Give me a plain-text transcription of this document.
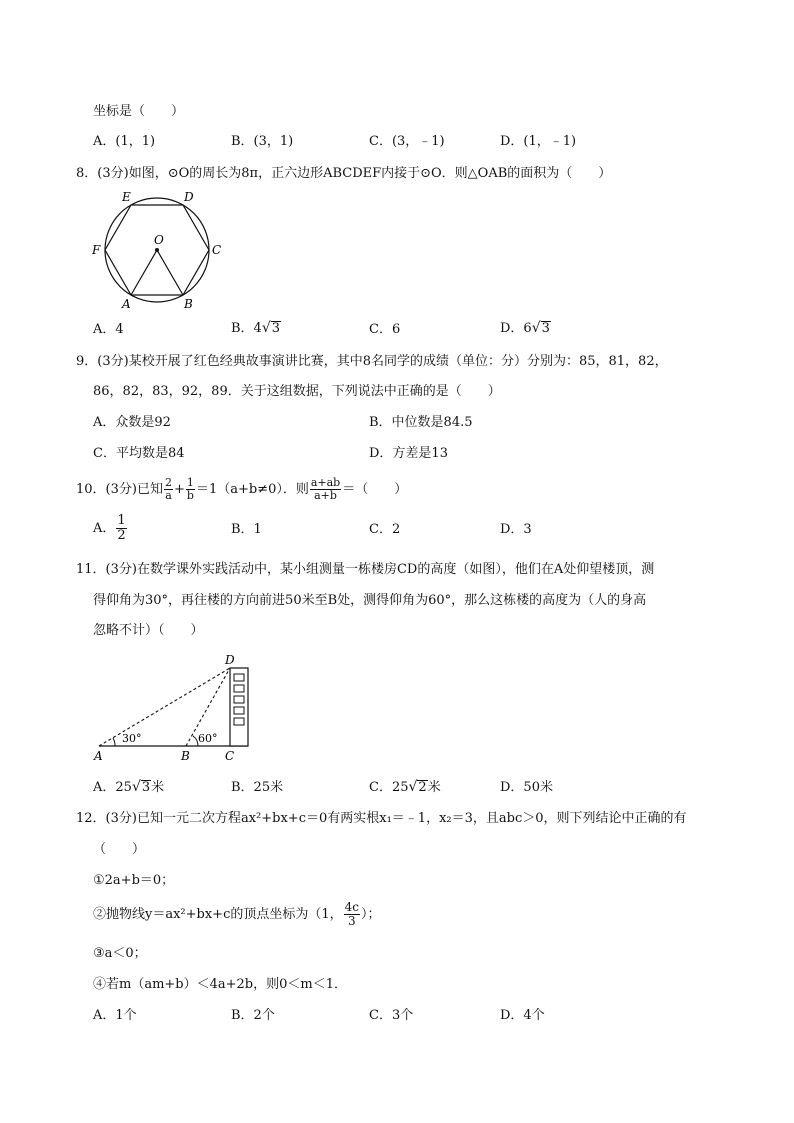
坐标是（　　）
A．(1，1)	B．(3，1)	C．(3，﹣1)	D．(1，﹣1)
8．(3分)如图，⊙O的周长为8π，正六边形ABCDEF内接于⊙O．则△OAB的面积为（　　）
E	D
F
O
C
A	B
A．4	B．4√3	C．6	D．6√3
9．(3分)某校开展了红色经典故事演讲比赛，其中8名同学的成绩（单位：分）分别为：85，81，82，
86，82，83，92，89．关于这组数据，下列说法中正确的是（　　）
A．众数是92	B．中位数是84.5
C．平均数是84	D．方差是13
10．(3分)已知 $\frac{2}{a} + \frac{1}{b} =1(a+b\ne 0)$．则 $\frac{a+ab}{a+b}$ ＝（　　）
A． $\frac{1}{2}$	B．1	C．2	D．3
11．(3分)在数学课外实践活动中，某小组测量一栋楼房CD的高度（如图），他们在A处仰望楼顶，测
得仰角为30°，再往楼的方向前进50米至B处，测得仰角为60°，那么这栋楼的高度为（人的身高
忽略不计）（　　）
D
A
30°
B
60°
C
A．25√3米	B．25米	C．25√2米	D．50米
12．(3分)已知一元二次方程ax²+bx+c＝0有两实根x₁＝﹣1，x₂＝3，且abc＞0，则下列结论中正确的有
（　　）
①2a+b＝0；
②抛物线y＝ax²+bx+c的顶点坐标为（1， $\frac{4c}{3}$ ）；
③a＜0；
④若m（am+b）＜4a+2b，则0＜m＜1．
A．1个	B．2个	C．3个	D．4个
